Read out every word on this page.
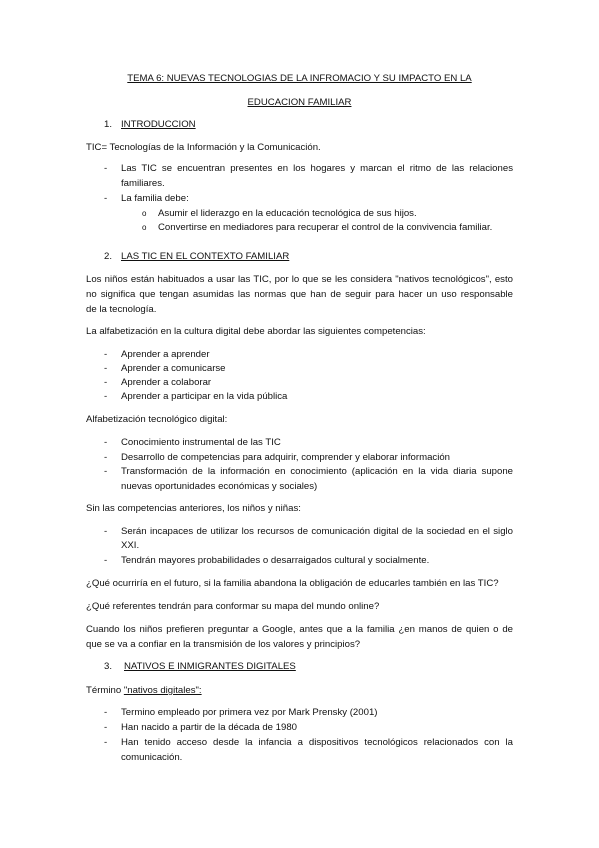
TEMA 6: NUEVAS TECNOLOGIAS DE LA INFROMACIO Y SU IMPACTO EN LA
EDUCACION FAMILIAR
1. INTRODUCCION
TIC= Tecnologías de la Información y la Comunicación.
- Las TIC se encuentran presentes en los hogares y marcan el ritmo de las relaciones
familiares.
- La familia debe:
o Asumir el liderazgo en la educación tecnológica de sus hijos.
o Convertirse en mediadores para recuperar el control de la convivencia familiar.
2. LAS TIC EN EL CONTEXTO FAMILIAR
Los niños están habituados a usar las TIC, por lo que se les considera "nativos tecnológicos", esto
no significa que tengan asumidas las normas que han de seguir para hacer un uso responsable
de la tecnología.
La alfabetización en la cultura digital debe abordar las siguientes competencias:
- Aprender a aprender
- Aprender a comunicarse
- Aprender a colaborar
- Aprender a participar en la vida pública
Alfabetización tecnológico digital:
- Conocimiento instrumental de las TIC
- Desarrollo de competencias para adquirir, comprender y elaborar información
- Transformación de la información en conocimiento (aplicación en la vida diaria supone
nuevas oportunidades económicas y sociales)
Sin las competencias anteriores, los niños y niñas:
- Serán incapaces de utilizar los recursos de comunicación digital de la sociedad en el siglo
XXI.
- Tendrán mayores probabilidades o desarraigados cultural y socialmente.
¿Qué ocurriría en el futuro, si la familia abandona la obligación de educarles también en las TIC?
¿Qué referentes tendrán para conformar su mapa del mundo online?
Cuando los niños prefieren preguntar a Google, antes que a la familia ¿en manos de quien o de
que se va a confiar en la transmisión de los valores y principios?
3. NATIVOS E INMIGRANTES DIGITALES
Término "nativos digitales":
- Termino empleado por primera vez por Mark Prensky (2001)
- Han nacido a partir de la década de 1980
- Han tenido acceso desde la infancia a dispositivos tecnológicos relacionados con la
comunicación.
